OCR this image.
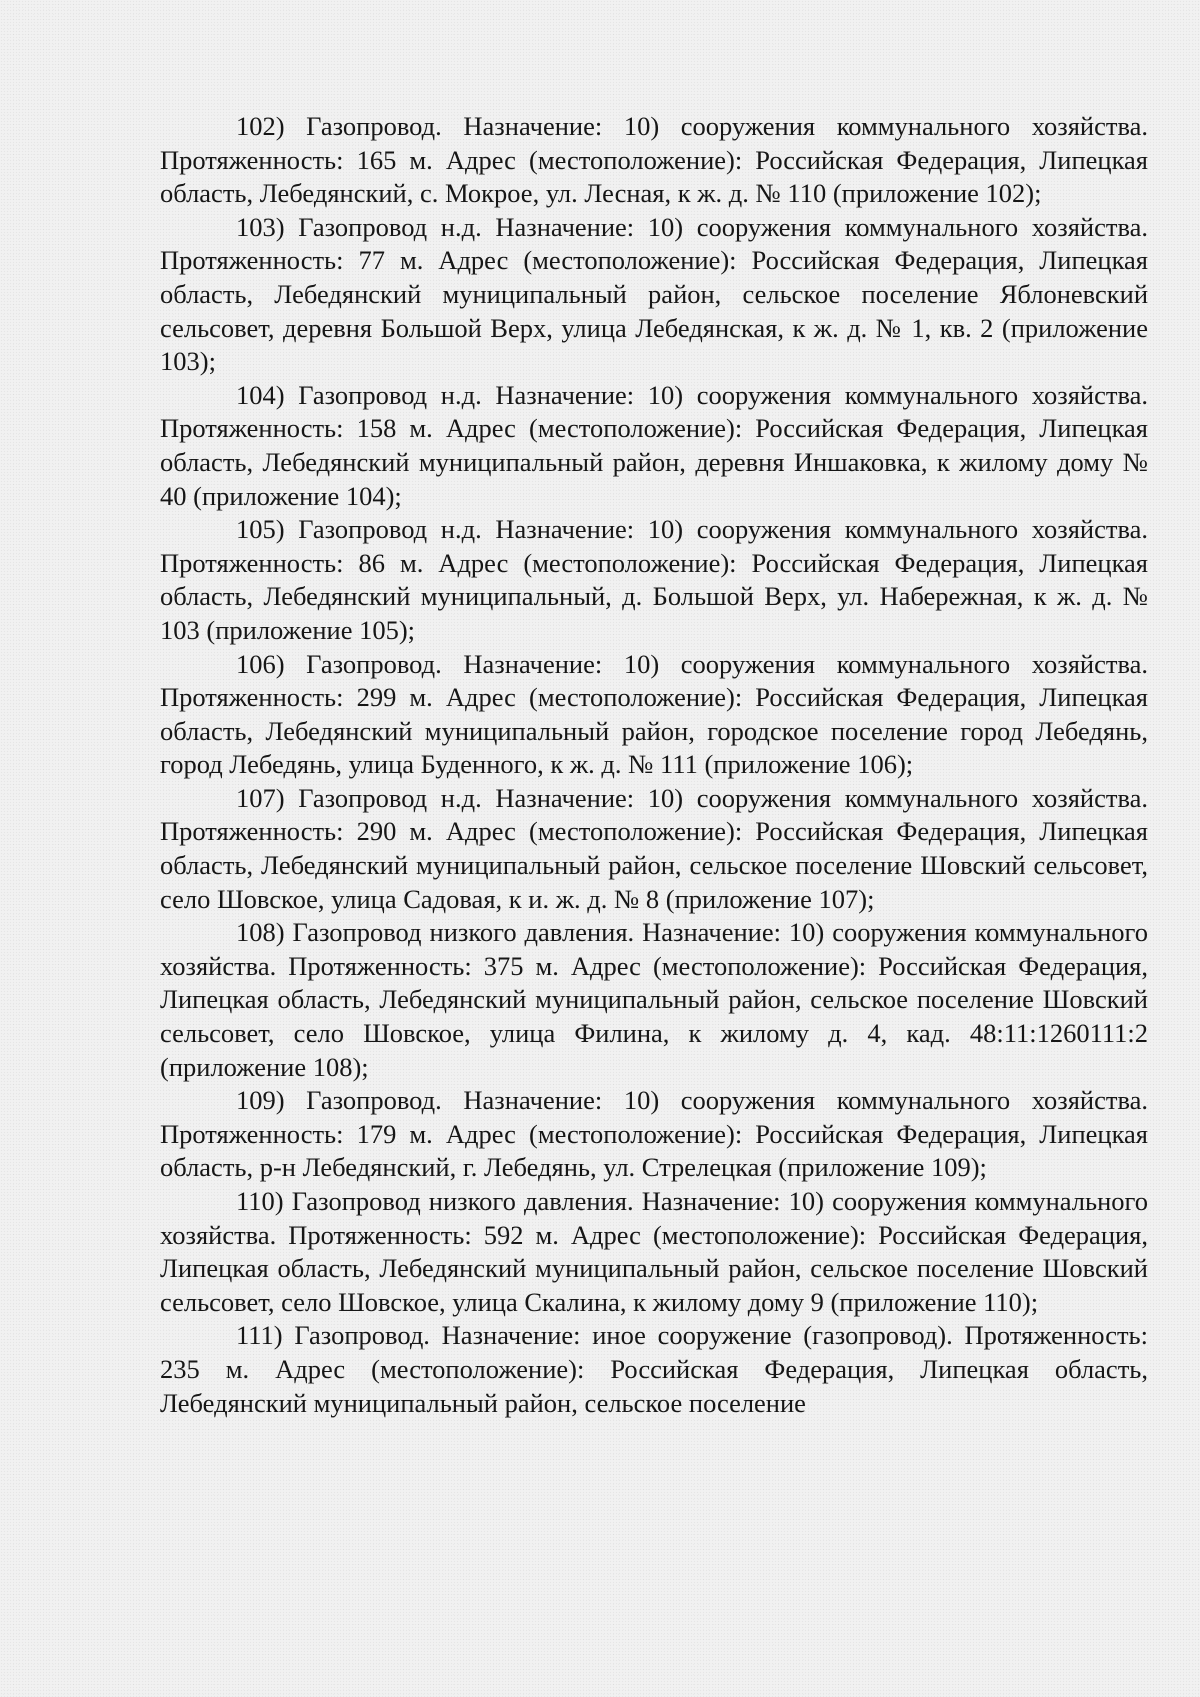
102) Газопровод. Назначение: 10) сооружения коммунального хозяйства. Протяженность: 165 м. Адрес (местоположение): Российская Федерация, Липецкая область, Лебедянский, с. Мокрое, ул. Лесная, к ж. д. № 110 (приложение 102);

103) Газопровод н.д. Назначение: 10) сооружения коммунального хозяйства. Протяженность: 77 м. Адрес (местоположение): Российская Федерация, Липецкая область, Лебедянский муниципальный район, сельское поселение Яблоневский сельсовет, деревня Большой Верх, улица Лебедянская, к ж. д. № 1, кв. 2 (приложение 103);

104) Газопровод н.д. Назначение: 10) сооружения коммунального хозяйства. Протяженность: 158 м. Адрес (местоположение): Российская Федерация, Липецкая область, Лебедянский муниципальный район, деревня Иншаковка, к жилому дому № 40 (приложение 104);

105) Газопровод н.д. Назначение: 10) сооружения коммунального хозяйства. Протяженность: 86 м. Адрес (местоположение): Российская Федерация, Липецкая область, Лебедянский муниципальный, д. Большой Верх, ул. Набережная, к ж. д. № 103 (приложение 105);

106) Газопровод. Назначение: 10) сооружения коммунального хозяйства. Протяженность: 299 м. Адрес (местоположение): Российская Федерация, Липецкая область, Лебедянский муниципальный район, городское поселение город Лебедянь, город Лебедянь, улица Буденного, к ж. д. № 111 (приложение 106);

107) Газопровод н.д. Назначение: 10) сооружения коммунального хозяйства. Протяженность: 290 м. Адрес (местоположение): Российская Федерация, Липецкая область, Лебедянский муниципальный район, сельское поселение Шовский сельсовет, село Шовское, улица Садовая, к и. ж. д. № 8 (приложение 107);

108) Газопровод низкого давления. Назначение: 10) сооружения коммунального хозяйства. Протяженность: 375 м. Адрес (местоположение): Российская Федерация, Липецкая область, Лебедянский муниципальный район, сельское поселение Шовский сельсовет, село Шовское, улица Филина, к жилому д. 4, кад. 48:11:1260111:2 (приложение 108);

109) Газопровод. Назначение: 10) сооружения коммунального хозяйства. Протяженность: 179 м. Адрес (местоположение): Российская Федерация, Липецкая область, р-н Лебедянский, г. Лебедянь, ул. Стрелецкая (приложение 109);

110) Газопровод низкого давления. Назначение: 10) сооружения коммунального хозяйства. Протяженность: 592 м. Адрес (местоположение): Российская Федерация, Липецкая область, Лебедянский муниципальный район, сельское поселение Шовский сельсовет, село Шовское, улица Скалина, к жилому дому 9 (приложение 110);

111) Газопровод. Назначение: иное сооружение (газопровод). Протяженность: 235 м. Адрес (местоположение): Российская Федерация, Липецкая область, Лебедянский муниципальный район, сельское поселение
